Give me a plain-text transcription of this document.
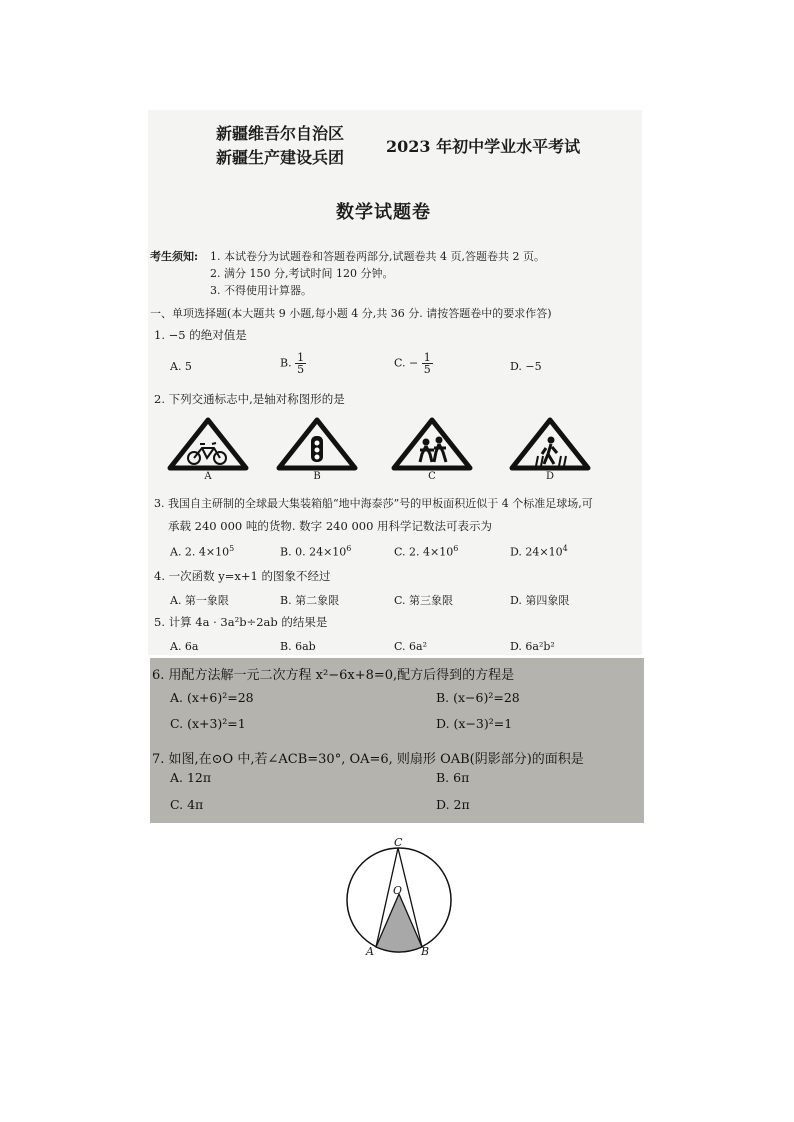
新疆维吾尔自治区
新疆生产建设兵团
2023 年初中学业水平考试
数学试题卷
考生须知: 1. 本试卷分为试题卷和答题卷两部分,试题卷共 4 页,答题卷共 2 页。
2. 满分 150 分,考试时间 120 分钟。
3. 不得使用计算器。
一、单项选择题(本大题共 9 小题,每小题 4 分,共 36 分. 请按答题卷中的要求作答)
1. −5 的绝对值是
A. 5	B. $\frac{1}{5}$	C. − $\frac{1}{5}$	D. −5
2. 下列交通标志中,是轴对称图形的是
A	B	C	D
3. 我国自主研制的全球最大集装箱船“地中海泰莎”号的甲板面积近似于 4 个标准足球场,可
承载 240 000 吨的货物. 数字 240 000 用科学记数法可表示为
A. 2. $4\times 10^5$	B. 0. $24\times 10^6$	C. 2. $4\times 10^6$	D. $24\times 10^4$
4. 一次函数 y=x+1 的图象不经过
A. 第一象限	B. 第二象限	C. 第三象限	D. 第四象限
5. 计算 4a · 3a²b÷2ab 的结果是
A. 6a	B. 6ab	C. 6a²	D. 6a²b²
6. 用配方法解一元二次方程 x²−6x+8=0,配方后得到的方程是
A. (x+6)²=28	B. (x−6)²=28
C. (x+3)²=1	D. (x−3)²=1
7. 如图,在⊙O 中,若∠ACB=30°, OA=6, 则扇形 OAB(阴影部分)的面积是
A. 12π	B. 6π
C. 4π	D. 2π
C
O
A	B
